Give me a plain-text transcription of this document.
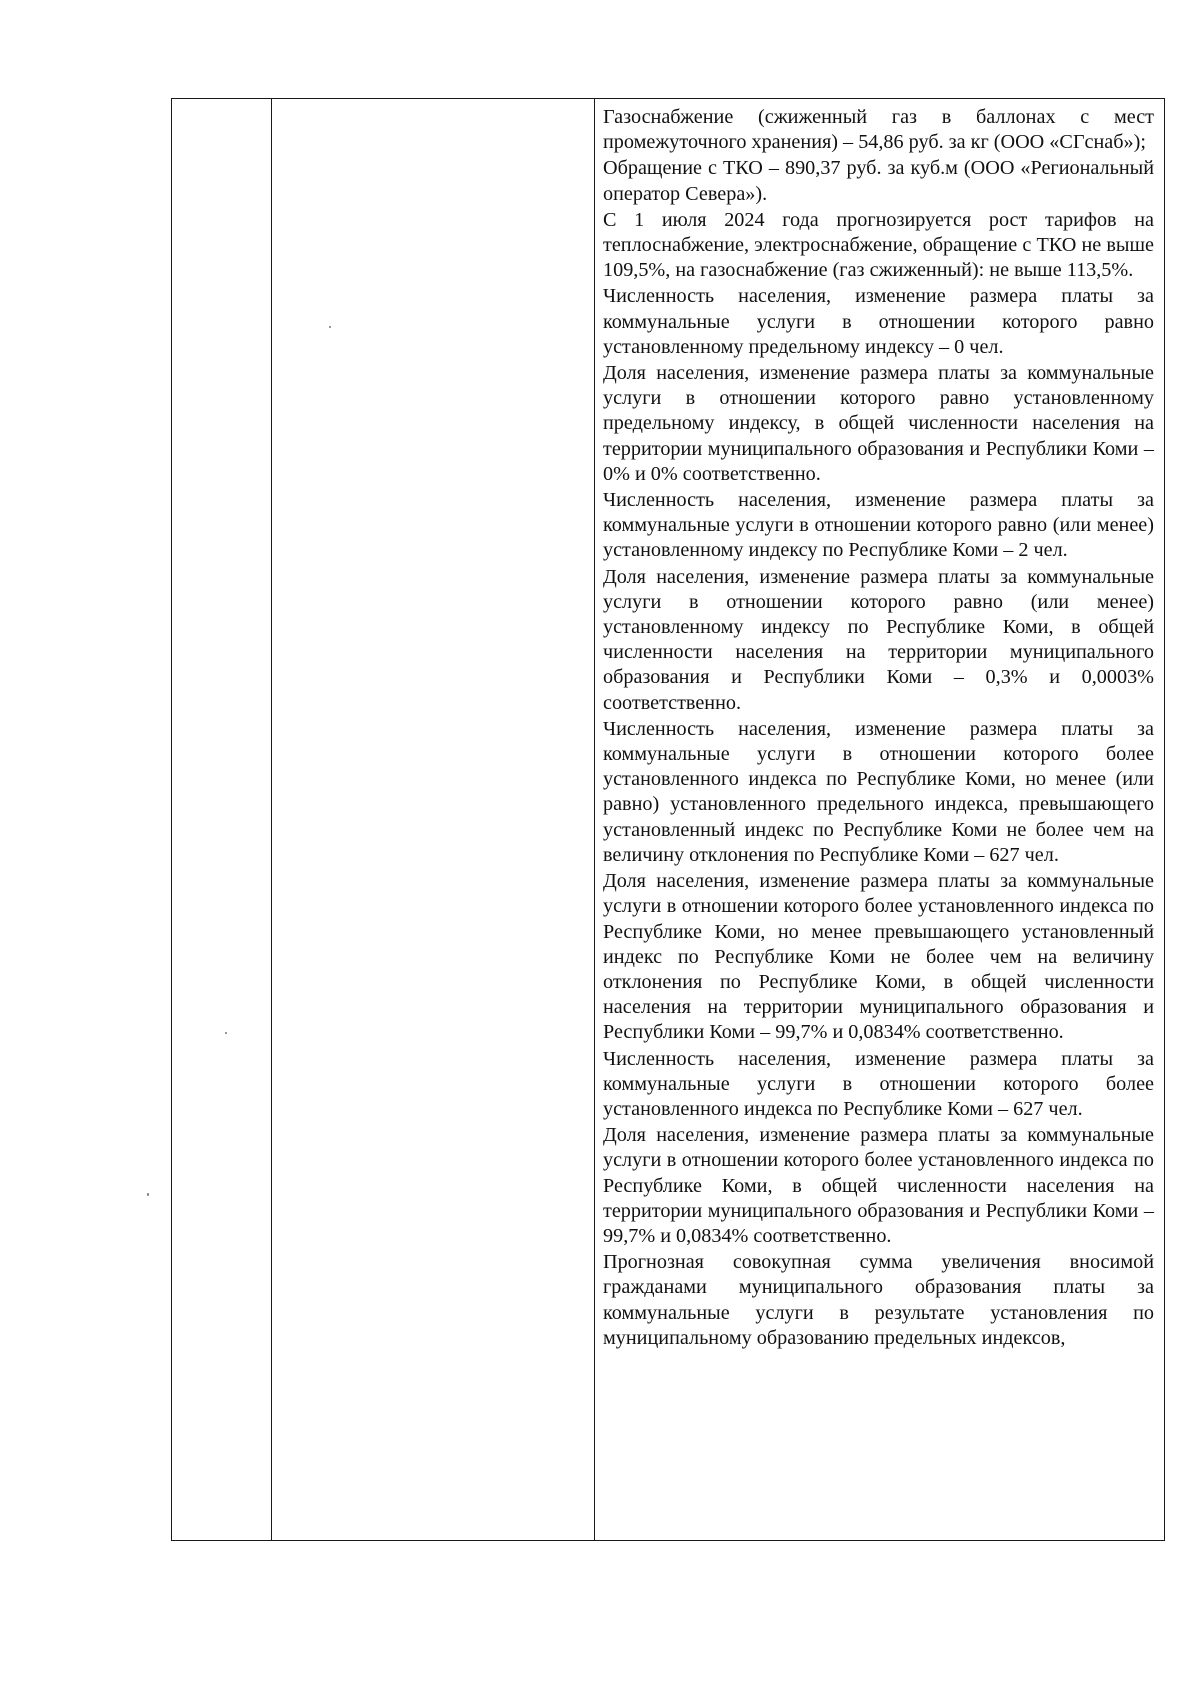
Газоснабжение (сжиженный газ в баллонах с мест промежуточного хранения) – 54,86 руб. за кг (ООО «СГснаб»);

Обращение с ТКО – 890,37 руб. за куб.м (ООО «Региональный оператор Севера»).

С 1 июля 2024 года прогнозируется рост тарифов на теплоснабжение, электроснабжение, обращение с ТКО не выше 109,5%, на газоснабжение (газ сжиженный): не выше 113,5%.

Численность населения, изменение размера платы за коммунальные услуги в отношении которого равно установленному предельному индексу – 0 чел.

Доля населения, изменение размера платы за коммунальные услуги в отношении которого равно установленному предельному индексу, в общей численности населения на территории муниципального образования и Республики Коми – 0% и 0% соответственно.

Численность населения, изменение размера платы за коммунальные услуги в отношении которого равно (или менее) установленному индексу по Республике Коми – 2 чел.

Доля населения, изменение размера платы за коммунальные услуги в отношении которого равно (или менее) установленному индексу по Республике Коми, в общей численности населения на территории муниципального образования и Республики Коми – 0,3% и 0,0003% соответственно.

Численность населения, изменение размера платы за коммунальные услуги в отношении которого более установленного индекса по Республике Коми, но менее (или равно) установленного предельного индекса, превышающего установленный индекс по Республике Коми не более чем на величину отклонения по Республике Коми – 627 чел.

Доля населения, изменение размера платы за коммунальные услуги в отношении которого более установленного индекса по Республике Коми, но менее превышающего установленный индекс по Республике Коми не более чем на величину отклонения по Республике Коми, в общей численности населения на территории муниципального образования и Республики Коми – 99,7% и 0,0834% соответственно.

Численность населения, изменение размера платы за коммунальные услуги в отношении которого более установленного индекса по Республике Коми – 627 чел.

Доля населения, изменение размера платы за коммунальные услуги в отношении которого более установленного индекса по Республике Коми, в общей численности населения на территории муниципального образования и Республики Коми – 99,7% и 0,0834% соответственно.

Прогнозная совокупная сумма увеличения вносимой гражданами муниципального образования платы за коммунальные услуги в результате установления по муниципальному образованию предельных индексов,
